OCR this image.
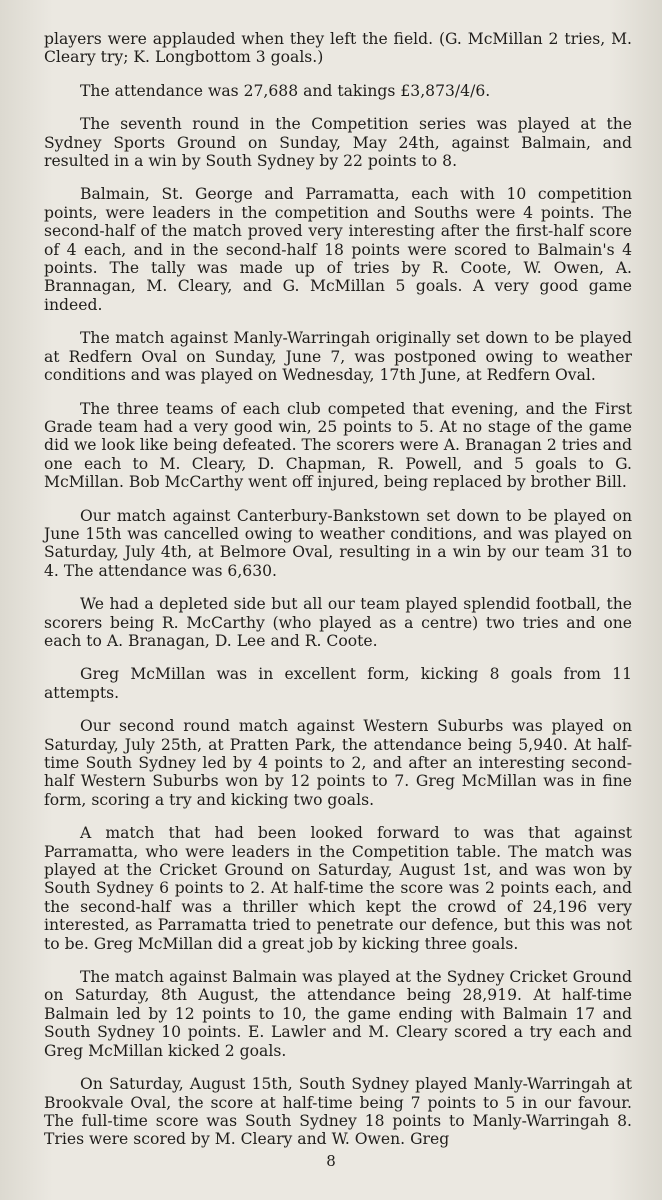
players were applauded when they left the field. (G. McMillan 2 tries, M. Cleary try; K. Longbottom 3 goals.)

The attendance was 27,688 and takings £3,873/4/6.

The seventh round in the Competition series was played at the Sydney Sports Ground on Sunday, May 24th, against Balmain, and resulted in a win by South Sydney by 22 points to 8.

Balmain, St. George and Parramatta, each with 10 competition points, were leaders in the competition and Souths were 4 points. The second-half of the match proved very interesting after the first-half score of 4 each, and in the second-half 18 points were scored to Balmain's 4 points. The tally was made up of tries by R. Coote, W. Owen, A. Brannagan, M. Cleary, and G. McMillan 5 goals. A very good game indeed.

The match against Manly-Warringah originally set down to be played at Redfern Oval on Sunday, June 7, was postponed owing to weather conditions and was played on Wednesday, 17th June, at Redfern Oval.

The three teams of each club competed that evening, and the First Grade team had a very good win, 25 points to 5. At no stage of the game did we look like being defeated. The scorers were A. Branagan 2 tries and one each to M. Cleary, D. Chapman, R. Powell, and 5 goals to G. McMillan. Bob McCarthy went off injured, being replaced by brother Bill.

Our match against Canterbury-Bankstown set down to be played on June 15th was cancelled owing to weather conditions, and was played on Saturday, July 4th, at Belmore Oval, resulting in a win by our team 31 to 4. The attendance was 6,630.

We had a depleted side but all our team played splendid football, the scorers being R. McCarthy (who played as a centre) two tries and one each to A. Branagan, D. Lee and R. Coote.

Greg McMillan was in excellent form, kicking 8 goals from 11 attempts.

Our second round match against Western Suburbs was played on Saturday, July 25th, at Pratten Park, the attendance being 5,940. At half-time South Sydney led by 4 points to 2, and after an interesting second-half Western Suburbs won by 12 points to 7. Greg McMillan was in fine form, scoring a try and kicking two goals.

A match that had been looked forward to was that against Parramatta, who were leaders in the Competition table. The match was played at the Cricket Ground on Saturday, August 1st, and was won by South Sydney 6 points to 2. At half-time the score was 2 points each, and the second-half was a thriller which kept the crowd of 24,196 very interested, as Parramatta tried to penetrate our defence, but this was not to be. Greg McMillan did a great job by kicking three goals.

The match against Balmain was played at the Sydney Cricket Ground on Saturday, 8th August, the attendance being 28,919. At half-time Balmain led by 12 points to 10, the game ending with Balmain 17 and South Sydney 10 points. E. Lawler and M. Cleary scored a try each and Greg McMillan kicked 2 goals.

On Saturday, August 15th, South Sydney played Manly-Warringah at Brookvale Oval, the score at half-time being 7 points to 5 in our favour. The full-time score was South Sydney 18 points to Manly-Warringah 8. Tries were scored by M. Cleary and W. Owen. Greg

8
